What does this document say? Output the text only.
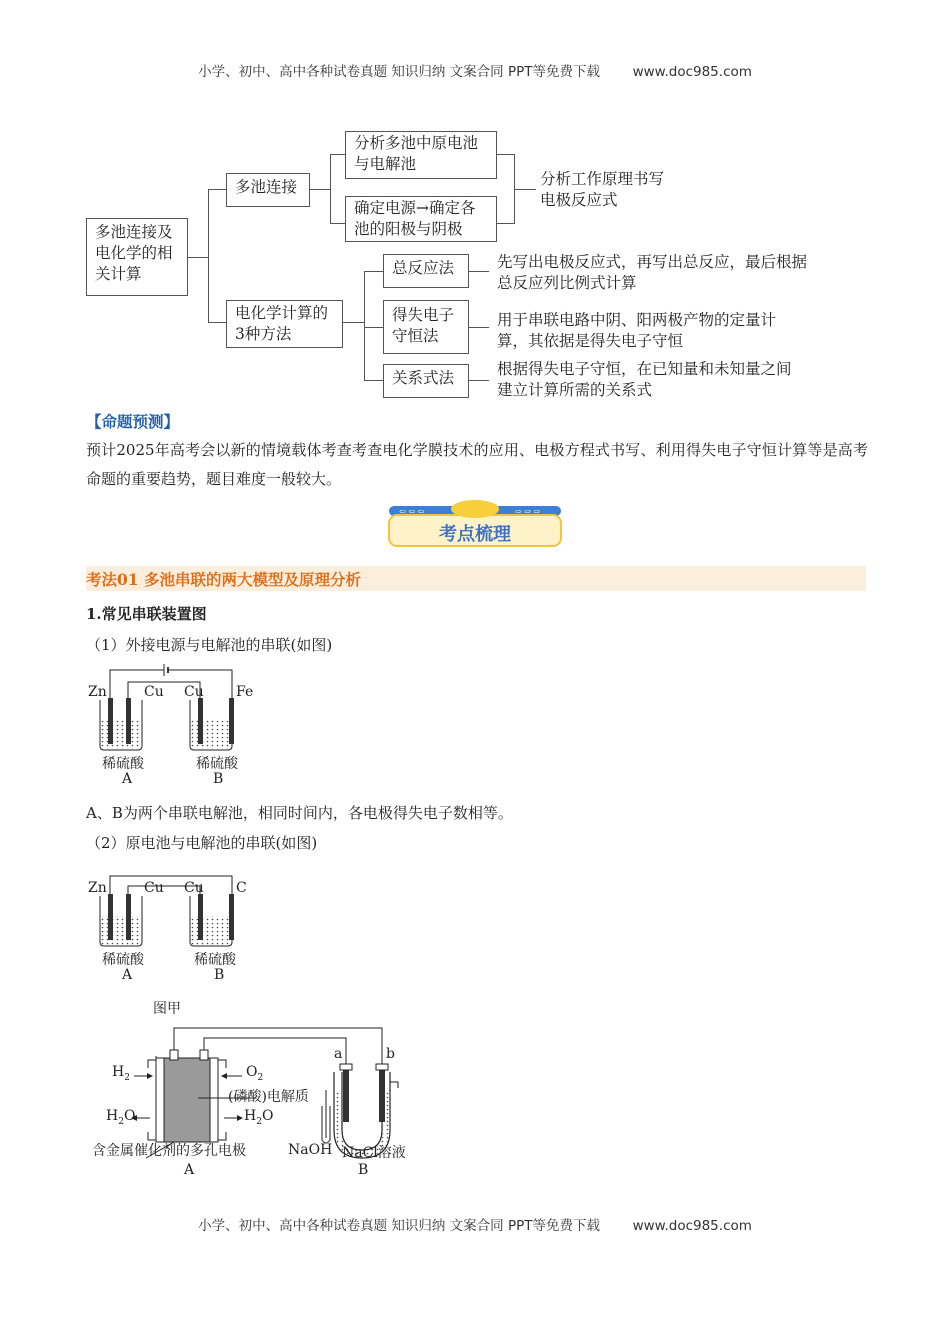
小学、初中、高中各种试卷真题 知识归纳 文案合同 PPT等免费下载 www.doc985.com
多池连接及电化学的相关计算
多池连接
分析多池中原电池与电解池
确定电源→确定各池的阳极与阴极
分析工作原理书写电极反应式
电化学计算的3种方法
总反应法
得失电子守恒法
关系式法
先写出电极反应式，再写出总反应，最后根据总反应列比例式计算
用于串联电路中阴、阳两极产物的定量计算，其依据是得失电子守恒
根据得失电子守恒，在已知量和未知量之间建立计算所需的关系式
【命题预测】
预计2025年高考会以新的情境载体考查考查电化学膜技术的应用、电极方程式书写、利用得失电子守恒计算等是高考命题的重要趋势，题目难度一般较大。
⇦ ⇦ ⇦	⇨ ⇨ ⇨
考点梳理
考法01 多池串联的两大模型及原理分析
1.常见串联装置图
（1）外接电源与电解池的串联(如图)
Zn	Cu Cu Fe
稀硫酸	稀硫酸
A	B
A、B为两个串联电解池，相同时间内，各电极得失电子数相等。
（2）原电池与电解池的串联(如图)
Zn	Cu Cu C
稀硫酸	稀硫酸
A	B
图甲
$H_2$	$O_2$
$H_2O$	$H_2O$
(磷酸)电解质
含金属催化剂的多孔电极
A
a	b
NaOH NaCl溶液
B
小学、初中、高中各种试卷真题 知识归纳 文案合同 PPT等免费下载 www.doc985.com
